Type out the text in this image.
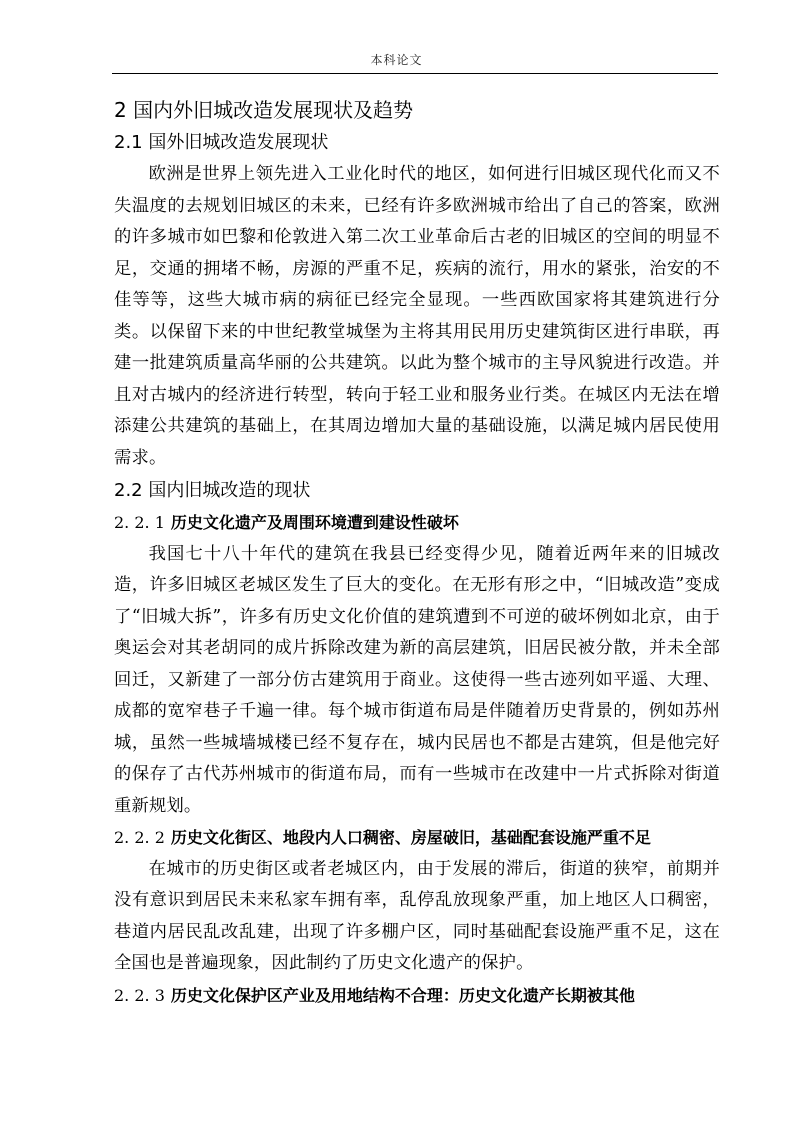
本科论文
2 国内外旧城改造发展现状及趋势
2.1 国外旧城改造发展现状

欧洲是世界上领先进入工业化时代的地区，如何进行旧城区现代化而又不失温度的去规划旧城区的未来，已经有许多欧洲城市给出了自己的答案，欧洲的许多城市如巴黎和伦敦进入第二次工业革命后古老的旧城区的空间的明显不足，交通的拥堵不畅，房源的严重不足，疾病的流行，用水的紧张，治安的不佳等等，这些大城市病的病征已经完全显现。一些西欧国家将其建筑进行分类。以保留下来的中世纪教堂城堡为主将其用民用历史建筑街区进行串联，再建一批建筑质量高华丽的公共建筑。以此为整个城市的主导风貌进行改造。并且对古城内的经济进行转型，转向于轻工业和服务业行类。在城区内无法在增添建公共建筑的基础上，在其周边增加大量的基础设施，以满足城内居民使用需求。

2.2 国内旧城改造的现状
2. 2. 1 历史文化遗产及周围环境遭到建设性破坏

我国七十八十年代的建筑在我县已经变得少见，随着近两年来的旧城改造，许多旧城区老城区发生了巨大的变化。在无形有形之中，“旧城改造”变成了“旧城大拆”，许多有历史文化价值的建筑遭到不可逆的破坏例如北京，由于奥运会对其老胡同的成片拆除改建为新的高层建筑，旧居民被分散，并未全部回迁，又新建了一部分仿古建筑用于商业。这使得一些古迹列如平遥、大理、成都的宽窄巷子千遍一律。每个城市街道布局是伴随着历史背景的，例如苏州城，虽然一些城墙城楼已经不复存在，城内民居也不都是古建筑，但是他完好的保存了古代苏州城市的街道布局，而有一些城市在改建中一片式拆除对街道重新规划。

2. 2. 2 历史文化街区、地段内人口稠密、房屋破旧，基础配套设施严重不足

在城市的历史街区或者老城区内，由于发展的滞后，街道的狭窄，前期并没有意识到居民未来私家车拥有率，乱停乱放现象严重，加上地区人口稠密，巷道内居民乱改乱建，出现了许多棚户区，同时基础配套设施严重不足，这在全国也是普遍现象，因此制约了历史文化遗产的保护。

2. 2. 3 历史文化保护区产业及用地结构不合理：历史文化遗产长期被其他
